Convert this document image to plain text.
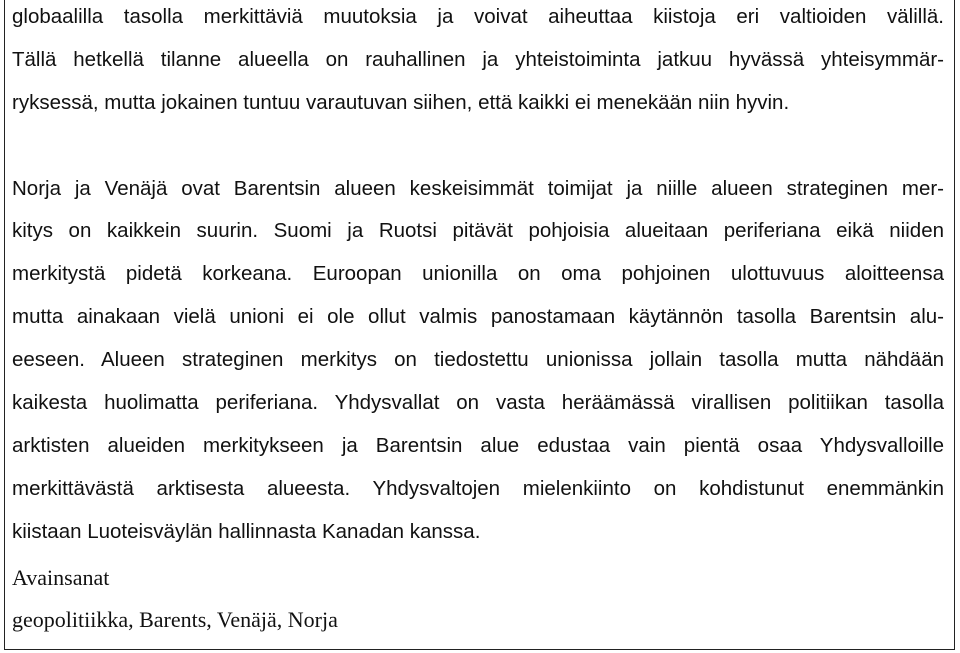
globaalilla tasolla merkittäviä muutoksia ja voivat aiheuttaa kiistoja eri valtioiden välillä.
Tällä hetkellä tilanne alueella on rauhallinen ja yhteistoiminta jatkuu hyvässä yhteisymmär-
ryksessä, mutta jokainen tuntuu varautuvan siihen, että kaikki ei menekään niin hyvin.
Norja ja Venäjä ovat Barentsin alueen keskeisimmät toimijat ja niille alueen strateginen mer-
kitys on kaikkein suurin. Suomi ja Ruotsi pitävät pohjoisia alueitaan periferiana eikä niiden
merkitystä pidetä korkeana. Euroopan unionilla on oma pohjoinen ulottuvuus aloitteensa
mutta ainakaan vielä unioni ei ole ollut valmis panostamaan käytännön tasolla Barentsin alu-
eeseen. Alueen strateginen merkitys on tiedostettu unionissa jollain tasolla mutta nähdään
kaikesta huolimatta periferiana. Yhdysvallat on vasta heräämässä virallisen politiikan tasolla
arktisten alueiden merkitykseen ja Barentsin alue edustaa vain pientä osaa Yhdysvalloille
merkittävästä arktisesta alueesta. Yhdysvaltojen mielenkiinto on kohdistunut enemmänkin
kiistaan Luoteisväylän hallinnasta Kanadan kanssa.
Avainsanat
geopolitiikka, Barents, Venäjä, Norja
